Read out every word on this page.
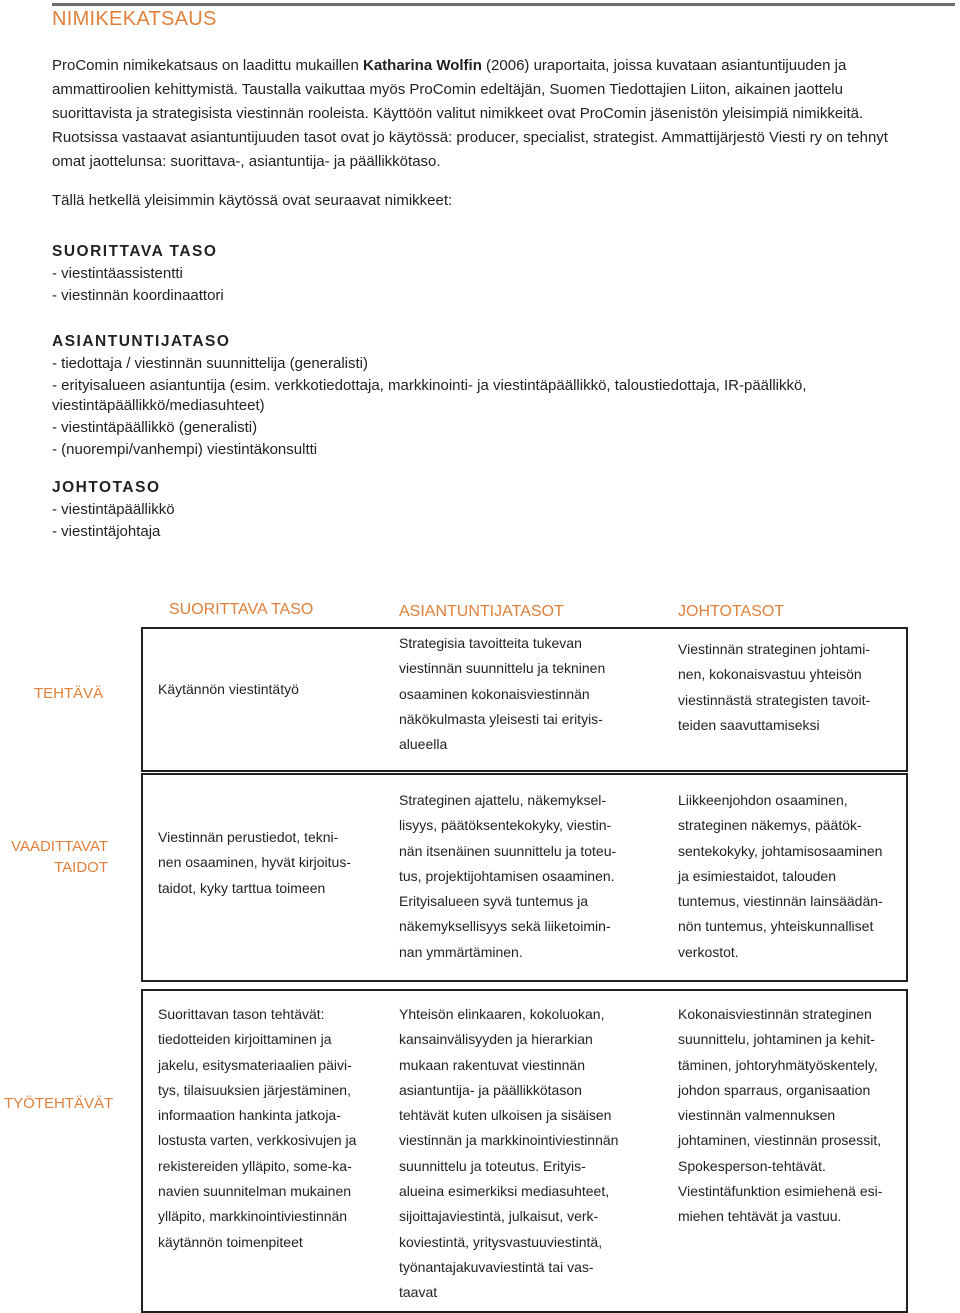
NIMIKEKATSAUS

ProComin nimikekatsaus on laadittu mukaillen Katharina Wolfin (2006) uraportaita, joissa kuvataan asiantuntijuuden ja ammattiroolien kehittymistä. Taustalla vaikuttaa myös ProComin edeltäjän, Suomen Tiedottajien Liiton, aikainen jaottelu suorittavista ja strategisista viestinnän rooleista. Käyttöön valitut nimikkeet ovat ProComin jäsenistön yleisimpiä nimikkeitä. Ruotsissa vastaavat asiantuntijuuden tasot ovat jo käytössä: producer, specialist, strategist. Ammattijärjestö Viesti ry on tehnyt omat jaottelunsa: suorittava-, asiantuntija- ja päällikkötaso.

Tällä hetkellä yleisimmin käytössä ovat seuraavat nimikkeet:

SUORITTAVA TASO
- viestintäassistentti
- viestinnän koordinaattori
ASIANTUNTIJATASO
- tiedottaja / viestinnän suunnittelija (generalisti)
- erityisalueen asiantuntija (esim. verkkotiedottaja, markkinointi- ja viestintäpäällikkö, taloustiedottaja, IR-päällikkö, viestintäpäällikkö/mediasuhteet)
- viestintäpäällikkö (generalisti)
- (nuorempi/vanhempi) viestintäkonsultti
JOHTOTASO
- viestintäpäällikkö
- viestintäjohtaja
SUORITTAVA TASO	ASIANTUNTIJATASOT	JOHTOTASOT
TEHTÄVÄ
VAADITTAVAT
TAIDOT
TYÖTEHTÄVÄT
Käytännön viestintätyö
Strategisia tavoitteita tukevan
viestinnän suunnittelu ja tekninen
osaaminen kokonaisviestinnän
näkökulmasta yleisesti tai erityis-
alueella
Viestinnän strateginen johtami-
nen, kokonaisvastuu yhteisön
viestinnästä strategisten tavoit-
teiden saavuttamiseksi
Viestinnän perustiedot, tekni-
nen osaaminen, hyvät kirjoitus-
taidot, kyky tarttua toimeen
Strateginen ajattelu, näkemyksel-
lisyys, päätöksentekokyky, viestin-
nän itsenäinen suunnittelu ja toteu-
tus, projektijohtamisen osaaminen.
Erityisalueen syvä tuntemus ja
näkemyksellisyys sekä liiketoimin-
nan ymmärtäminen.
Liikkeenjohdon osaaminen,
strateginen näkemys, päätök-
sentekokyky, johtamisosaaminen
ja esimiestaidot, talouden
tuntemus, viestinnän lainsäädän-
nön tuntemus, yhteiskunnalliset
verkostot.
Suorittavan tason tehtävät:
tiedotteiden kirjoittaminen ja
jakelu, esitysmateriaalien päivi-
tys, tilaisuuksien järjestäminen,
informaation hankinta jatkoja-
lostusta varten, verkkosivujen ja
rekistereiden ylläpito, some-ka-
navien suunnitelman mukainen
ylläpito, markkinointiviestinnän
käytännön toimenpiteet
Yhteisön elinkaaren, kokoluokan,
kansainvälisyyden ja hierarkian
mukaan rakentuvat viestinnän
asiantuntija- ja päällikkötason
tehtävät kuten ulkoisen ja sisäisen
viestinnän ja markkinointiviestinnän
suunnittelu ja toteutus. Erityis-
alueina esimerkiksi mediasuhteet,
sijoittajaviestintä, julkaisut, verk-
koviestintä, yritysvastuuviestintä,
työnantajakuvaviestintä tai vas-
taavat
Kokonaisviestinnän strateginen
suunnittelu, johtaminen ja kehit-
täminen, johtoryhmätyöskentely,
johdon sparraus, organisaation
viestinnän valmennuksen
johtaminen, viestinnän prosessit,
Spokesperson-tehtävät.
Viestintäfunktion esimiehenä esi-
miehen tehtävät ja vastuu.
